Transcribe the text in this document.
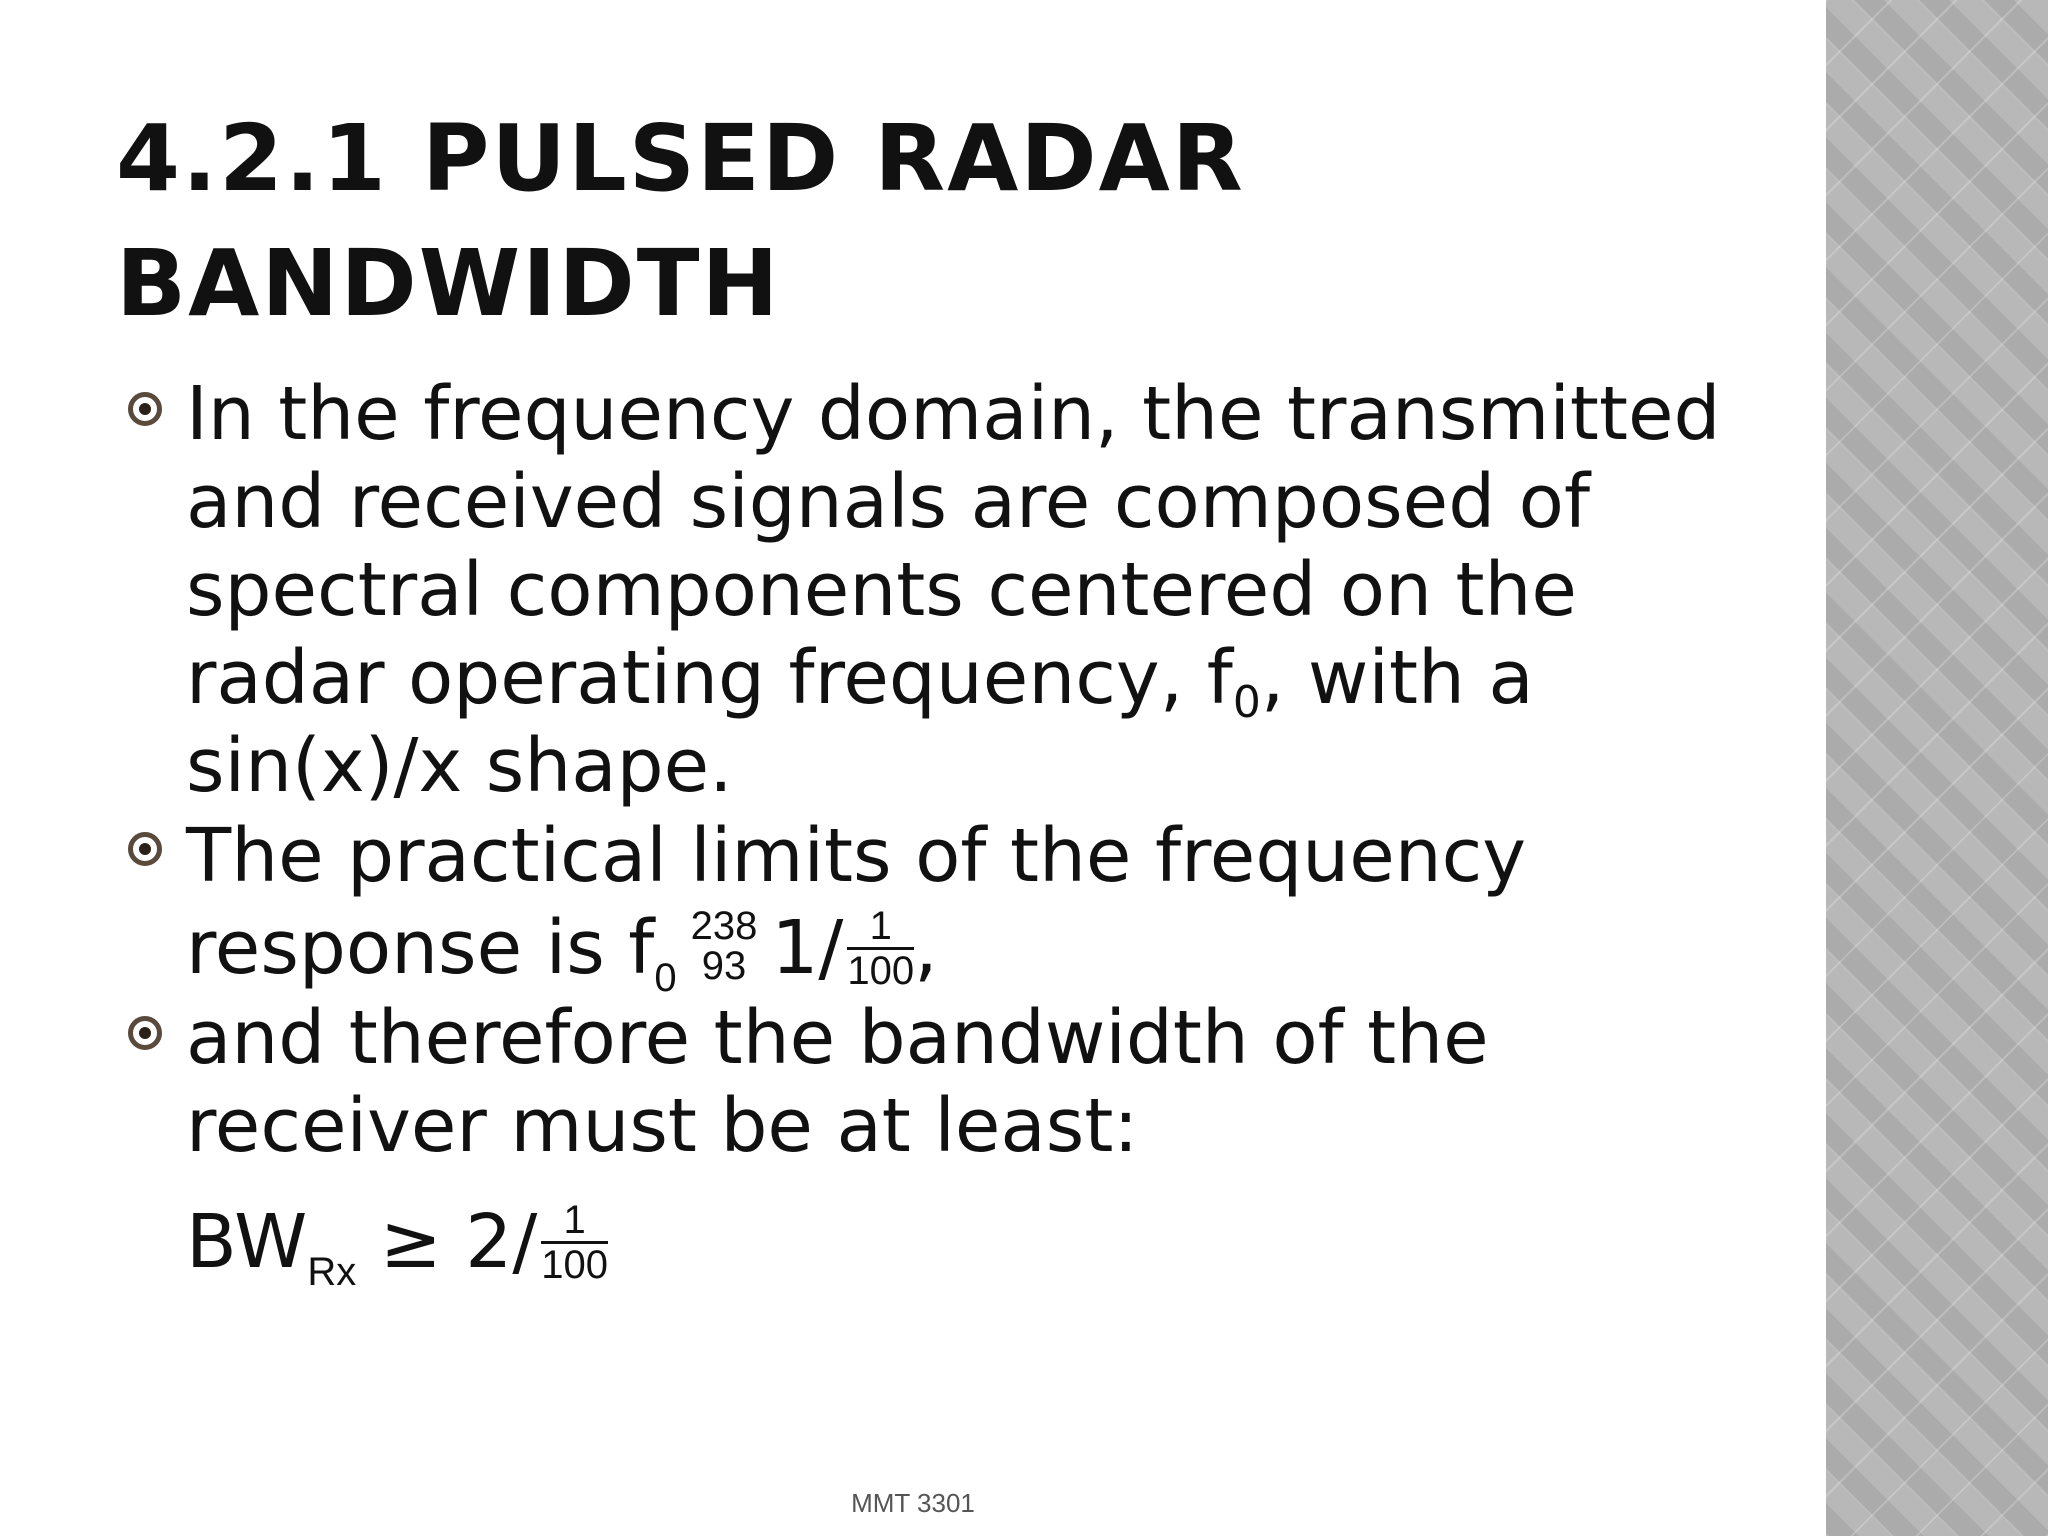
4.2.1 PULSED RADAR
BANDWIDTH
In the frequency domain, the transmitted
and received signals are composed of
spectral components centered on the
radar operating frequency, $f_0$, with a
sin(x)/x shape.
The practical limits of the frequency
response is $f_0$
238
93 $1/ \frac{1}{100}$ ,
and therefore the bandwidth of the
receiver must be at least:
$BW_{Rx} \ge 2/ \frac{1}{100}$
MMT 3301
